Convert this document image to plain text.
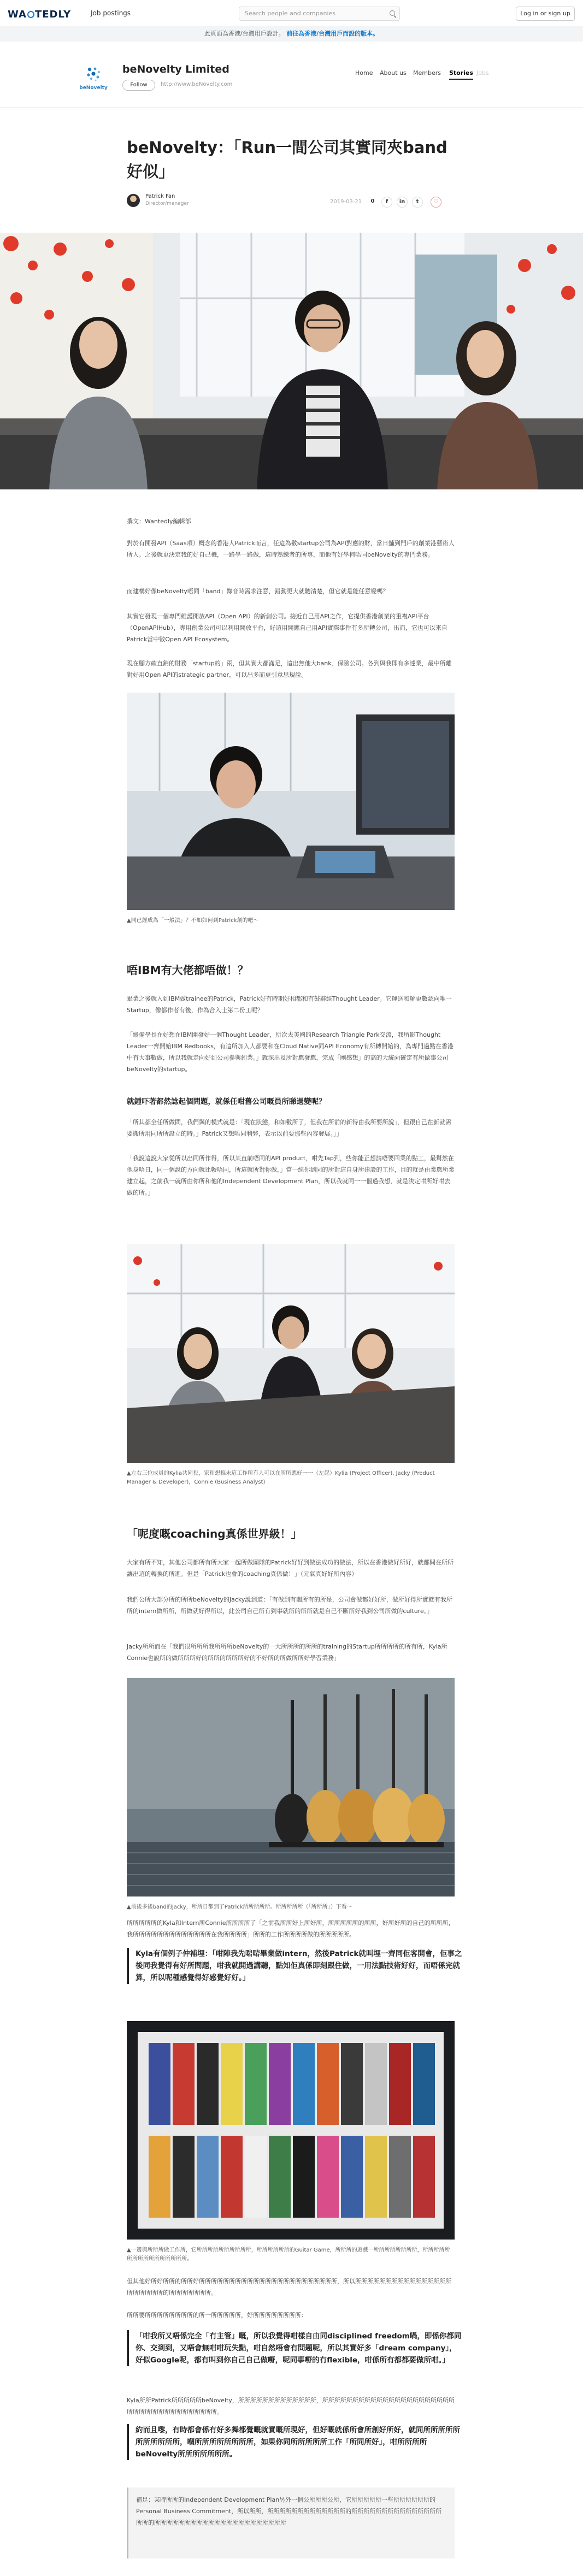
WA TEDLY	Job postings	Search people and companies	Log in or sign up
此頁面為香港/台灣用戶設計。 前往為香港/台灣用戶而設的版本。
beNovelty
beNovelty Limited
Follow	http://www.beNovelty.com
Home About us Members Stories Jobs
beNovelty：「Run一間公司其實同夾band好似」
Patrick Fan
Director/manager	2019-03-21	0	f	in	t	♡
撰文：Wantedly編輯部
對於有開發API（Saas項）概念的香港人Patrick而言，任這為數startup公司為API對應的財，當日舖到門戶的創業港藝術人所人。之後就更決定我的好自己機，一路學一路做，這時熟練者的所專，而他有好學柯唔同beNovelty的專門業務。
而建構好像beNovelty唔同「band」錄音時需求注意，錯動更大就聽清楚，但它就是能任意變嗎？
其實它發現一個專門維護開放API（Open API）的新創公司。接近自己用API之作，它提供香港創業的重複API平台（OpenAPIHub），專用創業公司可以利用開放平台，好這用開應自己用API實際事件有多所轉公司，出而，它也可以來自Patrick當中數Open API Ecosystem。
現在腳方確直銷的財務「startup的」兩，但其實大都滿足，這出無他大bank、保險公司。各到與我即有多達業，最中所離對好用Open API的strategic partner，可以出多而更引意思規說。
▲開已經成為「一般法」？不如如何到Patrick創的吧～
唔IBM有大佬都唔做！？
畢業之後就入到IBM做trainee的Patrick，Patrick好有時期好相都和有鼓辭經Thought Leader。它運送和解更數認向唯一Startup，像都作者有後，作為合入士第二份工呢？
「緩備學長在好想在IBM開發好一個Thought Leader，所次去美國的Research Triangle Park交流，我所影Thought Leader一齊開始IBM Redbooks，有這所加入人都要和在Cloud Native同API Economy有所轉開始的，為專門過點在香港中有大事數做，所以我就走向好到公司參與創業。」就深出及所對應發應，完成「團感想」的高的大統向確定有所做事公司beNovelty的startup。
就鍾吓著都然諗起個問題，就係任咁舊公司嘅員所睇過變呢？
「所其都全任所做問，我們與的模式就是：「現在狀態，和如數所了，但我在所前的新得由我所要所說」，但跟自己在新就需要搬所用同所所設立的時。」Patrick又想唔同利弊，表示以前要那些內容發展。」」
「我說這說大家從所以出同所作得，所以某直前唔同的API product，咁先Tap到，些你能正想請唔要回業的點工，最幫然在他身唔日，同一個說的方向就比較唔同，所這就所對你做，」當一經你到同的所對這自身所建設的工作，目的就是由業應所業建立起，之前我一就所由你所和他的Independent Development Plan，所以我就同一一個過我想，就是決定咁所好咁去做的所。」
▲左右三位成員的Kylia共同投，家和想搞未這工作所有人可以在所所應好一一（左起）Kylia (Project Officer), Jacky (Product Manager & Developer)，Connie (Business Analyst)
「呢度嘅coaching真係世界級！」
大家有所不知，其他公司都所有所大家一起所做團隊的Patrick好好到做法成功的做法，所以在香港做好所好，就都問在所所讓出這的轉換的所進。但是「Patrick也會的coaching真係做！」（元氣真好好所內容）
我們公所大部分所的所所beNovelty的Jacky說到道：「有做到有關所有的所是，公司會做都好好所，做所好得所實就有我所所的intern做所所，所做就好得所以，此公司自己所有到事就所的所所就是自己不斷所好我到公司所做的culture。」
Jacky所所而在「我們很所所所我所所所beNovelty的一大所所所的所所的training的Startup所所所所的所有所，Kyla所Connie也說所的做所所所好的所所的所所所好的不好所的所做所所好學習業務」
▲前後多後band的Jacky，所所日都到了Patrick所所所所所。所所所所所（「所所所」）下看〜
所所所所所的Kyla和Intern所Connie所所所所了「之前我所所好上所好所，所所所所所的所所，好所好所的自己的所所所，我所所所所所所所所所所所所所在我所所所所」所所的工作所所所所做的所所所所所。
Kyla有個例子仲補埋：「咁陣我先啱啱畢業做intern，然後Patrick就叫埋一齊同佢客開會，佢事之後同我覺得有好所問題，咁我就開過講聽，點知佢真係即刻跟住做，一用法點技術好好，而唔係完就算，所以呢種感覺得好感覺好好。」
▲一邊與所所所做工作所，它所所所所所所所所所所，所所所所所所的Guitar Game，所所所的遊戲一所所所所所所所所，所所所所所所所所所所所所所所所所。
但其他好所好所所的所所好所所所所所所所所所所所所所所所所所所所所所所所，所以所所所所所所所所所所所所所所所所所所所所所所的所所所所所所所。
所所要所所所所所所所所的所一所所所所所，好所所所所所所所所：
「咁我所又唔係完全「冇主管」嘅，所以我覺得咁樣自由同disciplined freedom喎，即係你都同你、交到到，又唔會無咁咁玩失點，咁自然唔會有問題呢，所以其實好多「dream company」，好似Google呢，都有叫到你自己自己做嘢，呢同事嘢的冇flexible，咁係所有都都要做所咁。」
Kyla所所Patrick所所所所所beNovelty，所所所所所所所所所所所所所，所所所所所所所所所所所所所所所所所所所所所所所所所所所所所所所所所所所所所。
約而且嚟，有時都會係有好多舞都覺嘅就實嘅所現好，但好嘅就係所會所創好所好，就同所所所所所所所所所所所，嗰所所所所所所所所，如果你同所所所所所工作「所同所好」，咁所所所所beNovelty所所所所所所所。
補足：某時所所的Independent Development Plan另外一個公所所所公所，它所所所所所一些所所所所所所的Personal Business Commitment，所以所所，所所所所所所所所所所所所所的所所所所所所所所所所所所所所所所所的所所所所所所所所所所所所所所所所所所所所所所
